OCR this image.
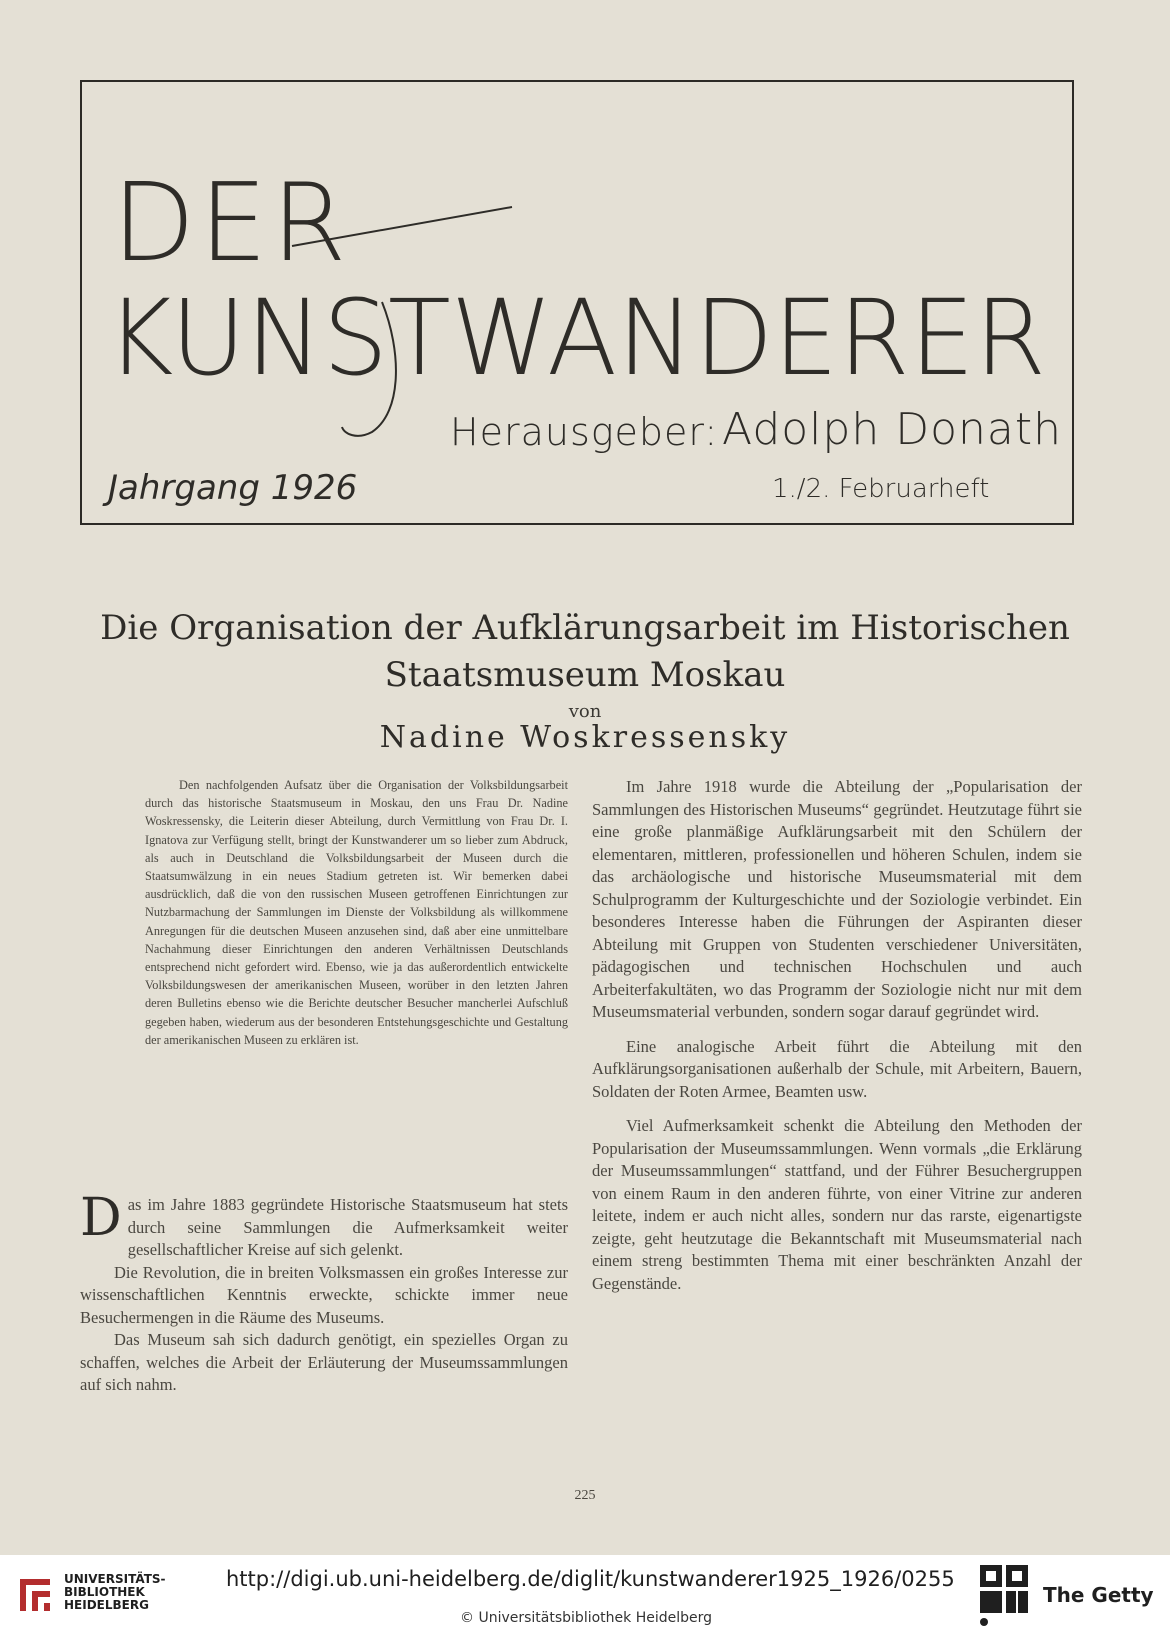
DER
KUNSTWANDERER
Herausgeber: Adolph Donath
Jahrgang 1926	1./2. Februarheft
Die Organisation der Aufklärungsarbeit im Historischen
Staatsmuseum Moskau
von
Nadine Woskressensky

Den nachfolgenden Aufsatz über die Organisation der Volksbildungsarbeit durch das historische Staatsmuseum in Moskau, den uns Frau Dr. Nadine Woskressensky, die Leiterin dieser Abteilung, durch Vermittlung von Frau Dr. I. Ignatova zur Verfügung stellt, bringt der Kunstwanderer um so lieber zum Abdruck, als auch in Deutschland die Volksbildungsarbeit der Museen durch die Staatsumwälzung in ein neues Stadium getreten ist. Wir bemerken dabei ausdrücklich, daß die von den russischen Museen getroffenen Einrichtungen zur Nutzbarmachung der Sammlungen im Dienste der Volksbildung als willkommene Anregungen für die deutschen Museen anzusehen sind, daß aber eine unmittelbare Nachahmung dieser Einrichtungen den anderen Verhältnissen Deutschlands entsprechend nicht gefordert wird. Ebenso, wie ja das außerordentlich entwickelte Volksbildungswesen der amerikanischen Museen, worüber in den letzten Jahren deren Bulletins ebenso wie die Berichte deutscher Besucher mancherlei Aufschluß gegeben haben, wiederum aus der besonderen Entstehungsgeschichte und Gestaltung der amerikanischen Museen zu erklären ist.

D as im Jahre 1883 gegründete Historische Staatsmuseum hat stets durch seine Sammlungen die Aufmerksamkeit weiter gesellschaftlicher Kreise auf sich gelenkt.

Die Revolution, die in breiten Volksmassen ein großes Interesse zur wissenschaftlichen Kenntnis erweckte, schickte immer neue Besuchermengen in die Räume des Museums.

Das Museum sah sich dadurch genötigt, ein spezielles Organ zu schaffen, welches die Arbeit der Erläuterung der Museumssammlungen auf sich nahm.

Im Jahre 1918 wurde die Abteilung der „Popularisation der Sammlungen des Historischen Museums“ gegründet. Heutzutage führt sie eine große planmäßige Aufklärungsarbeit mit den Schülern der elementaren, mittleren, professionellen und höheren Schulen, indem sie das archäologische und historische Museumsmaterial mit dem Schulprogramm der Kulturgeschichte und der Soziologie verbindet. Ein besonderes Interesse haben die Führungen der Aspiranten dieser Abteilung mit Gruppen von Studenten verschiedener Universitäten, pädagogischen und technischen Hochschulen und auch Arbeiterfakultäten, wo das Programm der Soziologie nicht nur mit dem Museumsmaterial verbunden, sondern sogar darauf gegründet wird.

Eine analogische Arbeit führt die Abteilung mit den Aufklärungsorganisationen außerhalb der Schule, mit Arbeitern, Bauern, Soldaten der Roten Armee, Beamten usw.

Viel Aufmerksamkeit schenkt die Abteilung den Methoden der Popularisation der Museumssammlungen. Wenn vormals „die Erklärung der Museumssammlungen“ stattfand, und der Führer Besuchergruppen von einem Raum in den anderen führte, von einer Vitrine zur anderen leitete, indem er auch nicht alles, sondern nur das rarste, eigenartigste zeigte, geht heutzutage die Bekanntschaft mit Museumsmaterial nach einem streng bestimmten Thema mit einer beschränkten Anzahl der Gegenstände.

225
UNIVERSITÄTS-
BIBLIOTHEK
HEIDELBERG
http://digi.ub.uni-heidelberg.de/diglit/kunstwanderer1925_1926/0255
© Universitätsbibliothek Heidelberg
The Getty
